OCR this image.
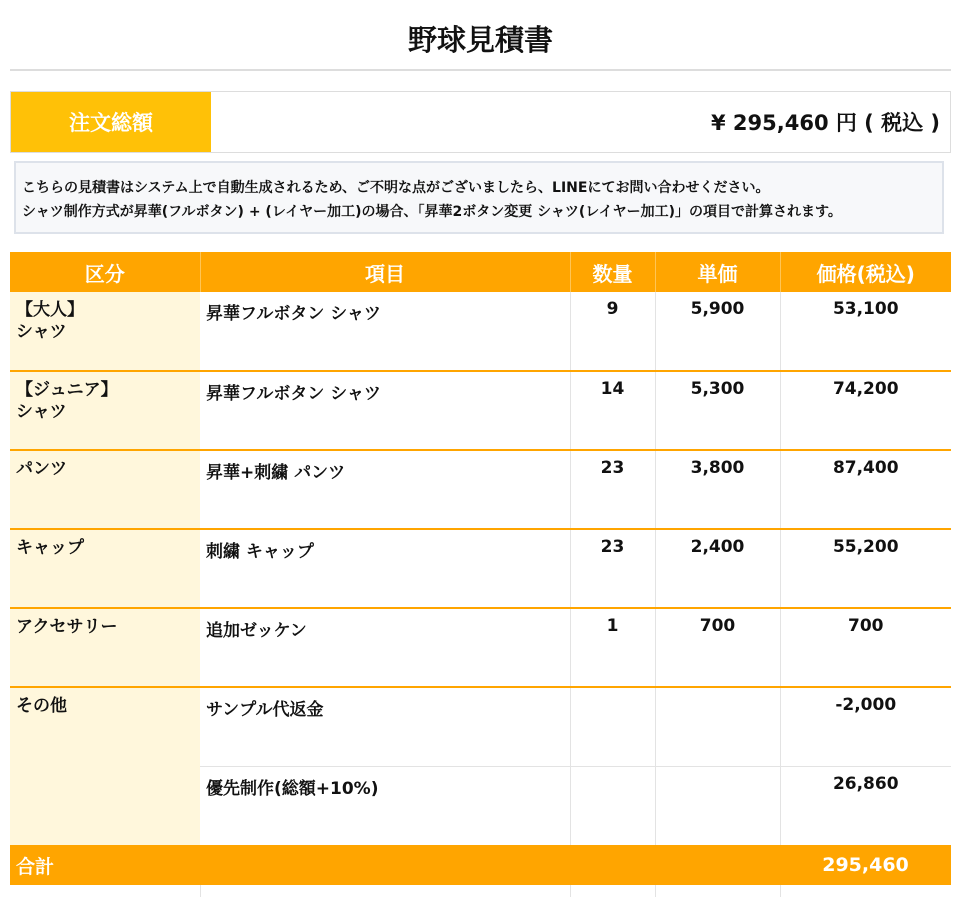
野球見積書
注文総額	¥ 295,460 円 ( 税込 )
こちらの見積書はシステム上で自動生成されるため、ご不明な点がございましたら、LINEにてお問い合わせください。
シャツ制作方式が昇華(フルボタン) + (レイヤー加工)の場合、「昇華2ボタン変更 シャツ(レイヤー加工)」の項目で計算されます。
区分	項目	数量	単価	価格(税込)

【大人】
シャツ	昇華フルボタン シャツ	9	5,900	53,100

【ジュニア】
シャツ	昇華フルボタン シャツ	14	5,300	74,200
パンツ	昇華+刺繍 パンツ	23	3,800	87,400
キャップ	刺繍 キャップ	23	2,400	55,200
アクセサリー	追加ゼッケン	1	700	700
その他	サンプル代返金			-2,000
	優先制作(総額+10%)			26,860
合計				295,460
